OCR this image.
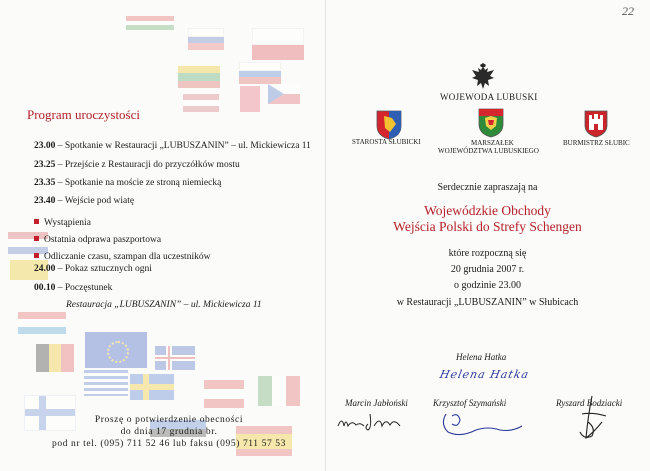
Program uroczystości
23.00 – Spotkanie w Restauracji „LUBUSZANIN” – ul. Mickiewicza 11
23.25 – Przejście z Restauracji do przyczółków mostu
23.35 – Spotkanie na moście ze stroną niemiecką
23.40 – Wejście pod wiatę
Wystąpienia
Ostatnia odprawa paszportowa
Odliczanie czasu, szampan dla uczestników
24.00 – Pokaz sztucznych ogni
00.10 – Poczęstunek
Restauracja „LUBUSZANIN” – ul. Mickiewicza 11
Proszę o potwierdzenie obecności
do dnia 17 grudnia br.
pod nr tel. (095) 711 52 46 lub faksu (095) 711 57 53
22
WOJEWODA LUBUSKI
STAROSTA SŁUBICKI	MARSZAŁEK
WOJEWÓDZTWA LUBUSKIEGO
BURMISTRZ SŁUBIC
Serdecznie zapraszają na
Wojewódzkie Obchody
Wejścia Polski do Strefy Schengen
które rozpoczną się
20 grudnia 2007 r.
o godzinie 23.00
w Restauracji „LUBUSZANIN” w Słubicach
Helena Hatka
Helena Hatka
Marcin Jabłoński	Krzysztof Szymański	Ryszard Bodziacki
